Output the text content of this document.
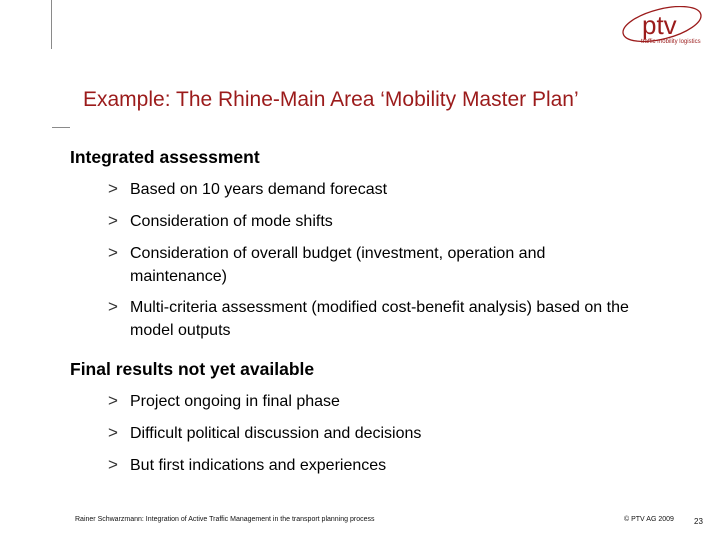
ptv
traffic mobility logistics
Example: The Rhine-Main Area ‘Mobility Master Plan’
Integrated assessment
> Based on 10 years demand forecast
> Consideration of mode shifts
> Consideration of overall budget (investment, operation and maintenance)
> Multi-criteria assessment (modified cost-benefit analysis) based on the model outputs
Final results not yet available
> Project ongoing in final phase
> Difficult political discussion and decisions
> But first indications and experiences
Rainer Schwarzmann: Integration of Active Traffic Management in the transport planning process	© PTV AG 2009	23
